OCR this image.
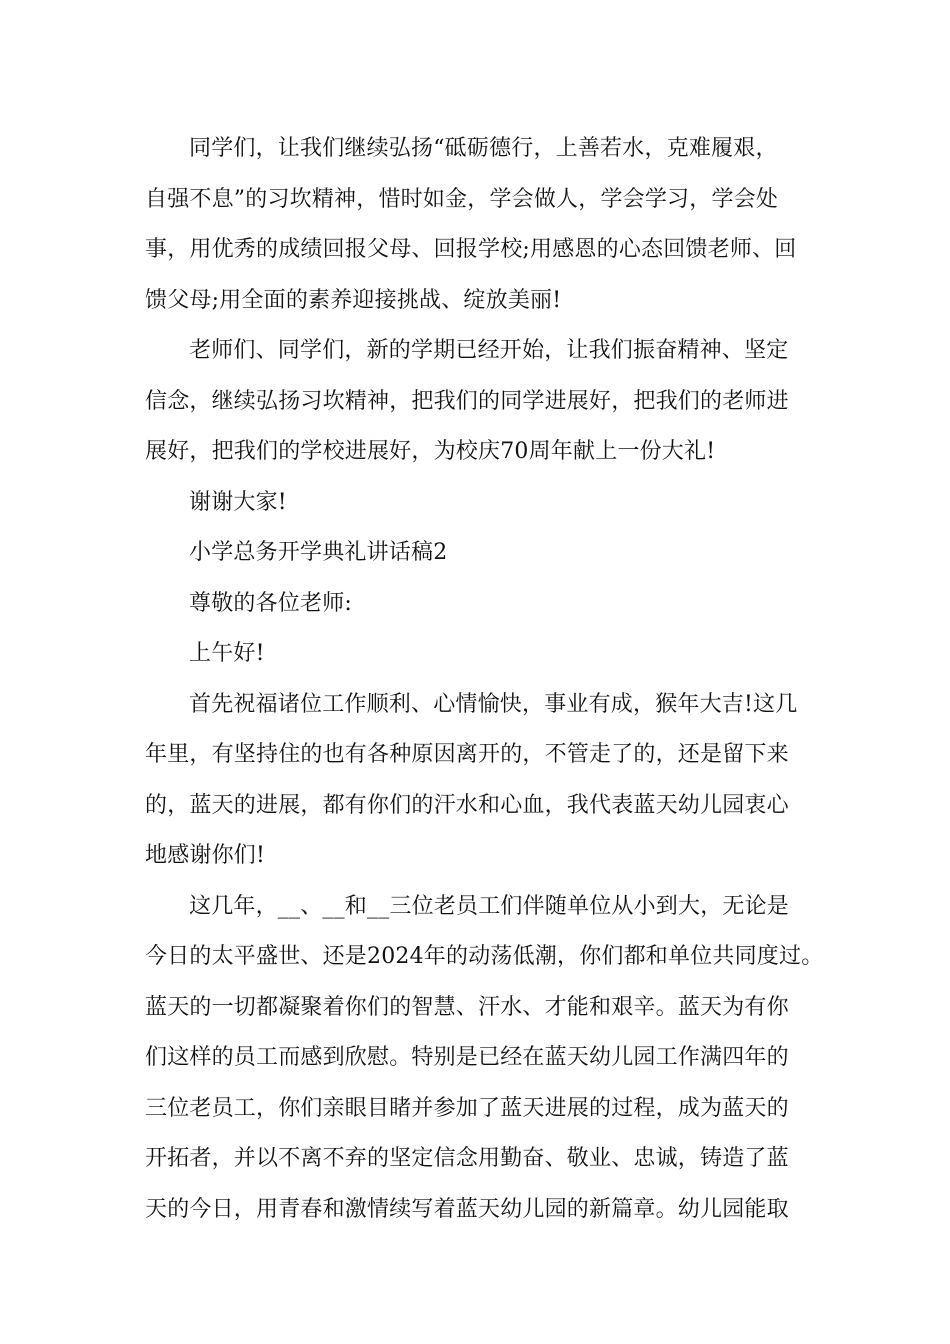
同学们，让我们继续弘扬“砥砺德行，上善若水，克难履艰，
自强不息”的习坎精神，惜时如金，学会做人，学会学习，学会处
事，用优秀的成绩回报父母、回报学校;用感恩的心态回馈老师、回
馈父母;用全面的素养迎接挑战、绽放美丽!
老师们、同学们，新的学期已经开始，让我们振奋精神、坚定
信念，继续弘扬习坎精神，把我们的同学进展好，把我们的老师进
展好，把我们的学校进展好，为校庆70周年献上一份大礼!
谢谢大家!
小学总务开学典礼讲话稿2
尊敬的各位老师:
上午好!
首先祝福诸位工作顺利、心情愉快，事业有成，猴年大吉!这几
年里，有坚持住的也有各种原因离开的，不管走了的，还是留下来
的，蓝天的进展，都有你们的汗水和心血，我代表蓝天幼儿园衷心
地感谢你们!
这几年，__、__和__三位老员工们伴随单位从小到大，无论是
今日的太平盛世、还是2024年的动荡低潮，你们都和单位共同度过。
蓝天的一切都凝聚着你们的智慧、汗水、才能和艰辛。蓝天为有你
们这样的员工而感到欣慰。特别是已经在蓝天幼儿园工作满四年的
三位老员工，你们亲眼目睹并参加了蓝天进展的过程，成为蓝天的
开拓者，并以不离不弃的坚定信念用勤奋、敬业、忠诚，铸造了蓝
天的今日，用青春和激情续写着蓝天幼儿园的新篇章。幼儿园能取
